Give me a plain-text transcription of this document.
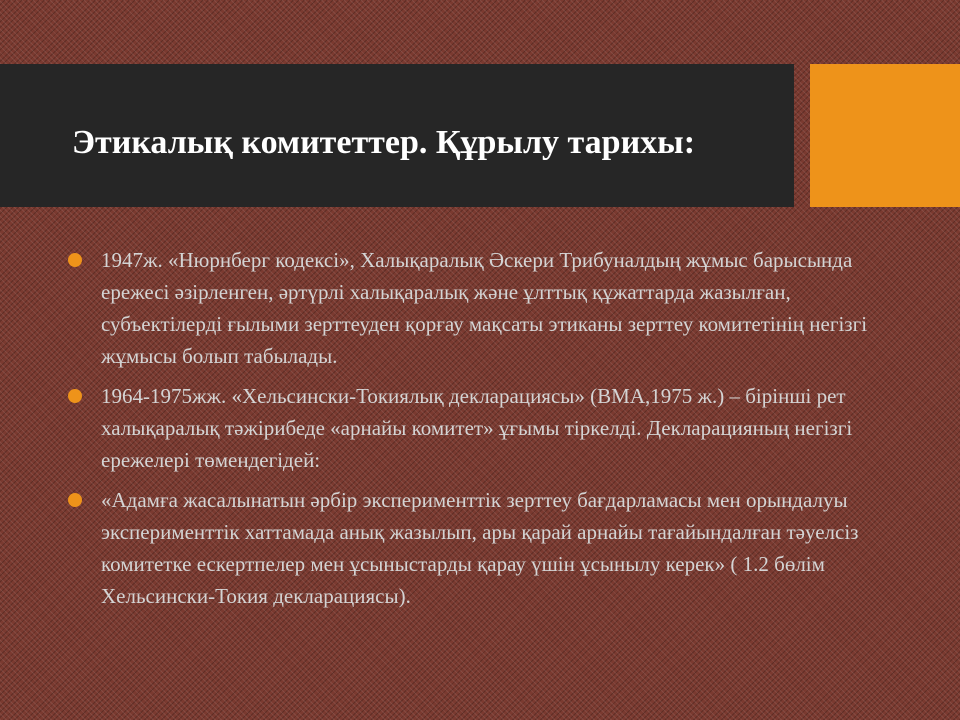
Этикалық комитеттер. Құрылу тарихы:
1947ж. «Нюрнберг кодексі», Халықаралық Әскери Трибуналдың жұмыс барысында ережесі әзірленген, әртүрлі халықаралық және ұлттық құжаттарда жазылған, субъектілерді ғылыми зерттеуден қорғау мақсаты этиканы зерттеу комитетінің негізгі жұмысы болып табылады.
1964-1975жж. «Хельсински-Токиялық декларациясы» (ВМА,1975 ж.) – бірінші рет халықаралық тәжірибеде «арнайы комитет» ұғымы тіркелді. Декларацияның негізгі ережелері төмендегідей:
«Адамға жасалынатын әрбір эксперименттік зерттеу бағдарламасы мен орындалуы эксперименттік хаттамада анық жазылып, ары қарай арнайы тағайындалған тәуелсіз комитетке ескертпелер мен ұсыныстарды қарау үшін ұсынылу керек» ( 1.2 бөлім Хельсински-Токия декларациясы).
